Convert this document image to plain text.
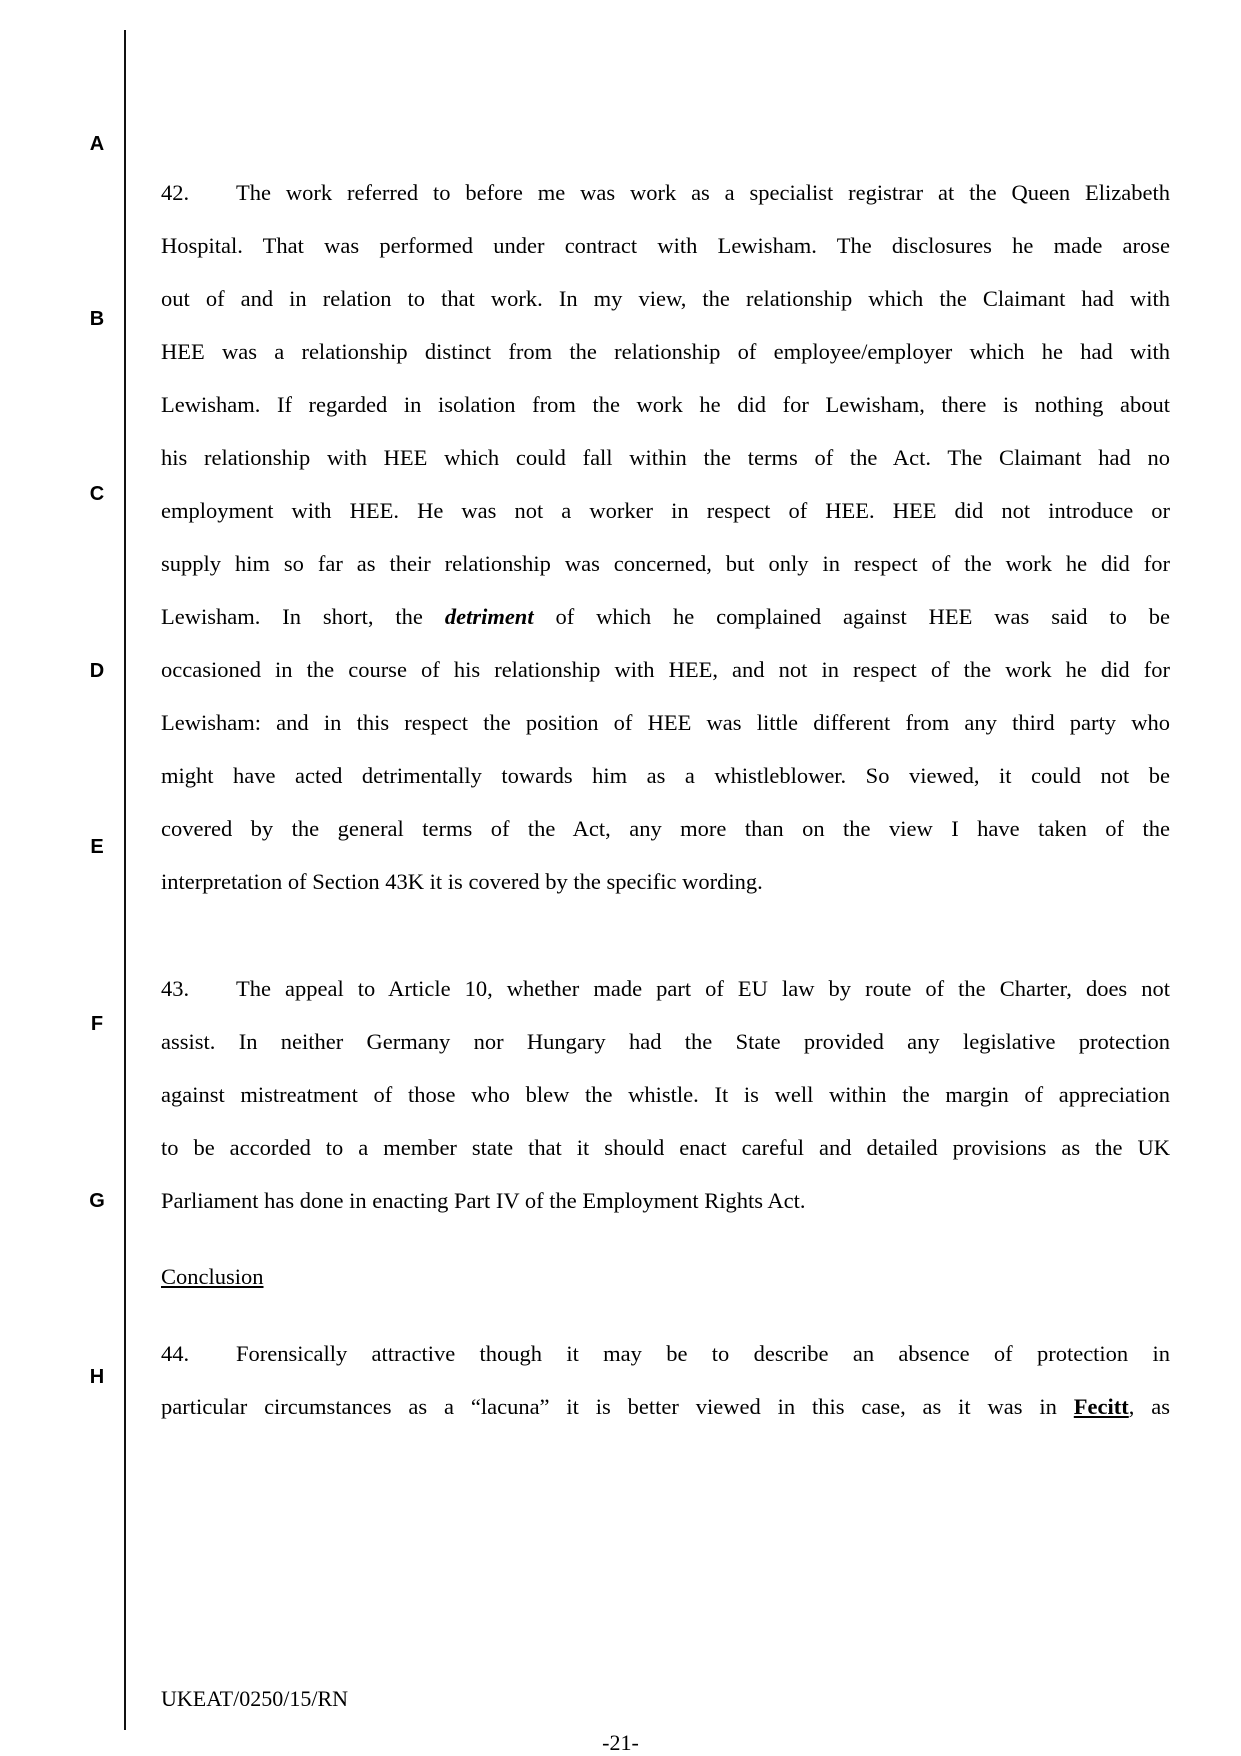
A
B
C
D
E
F
G
H
42. The work referred to before me was work as a specialist registrar at the Queen Elizabeth
Hospital. That was performed under contract with Lewisham. The disclosures he made arose
out of and in relation to that work. In my view, the relationship which the Claimant had with
HEE was a relationship distinct from the relationship of employee/employer which he had with
Lewisham. If regarded in isolation from the work he did for Lewisham, there is nothing about
his relationship with HEE which could fall within the terms of the Act. The Claimant had no
employment with HEE. He was not a worker in respect of HEE. HEE did not introduce or
supply him so far as their relationship was concerned, but only in respect of the work he did for
Lewisham. In short, the detriment of which he complained against HEE was said to be
occasioned in the course of his relationship with HEE, and not in respect of the work he did for
Lewisham: and in this respect the position of HEE was little different from any third party who
might have acted detrimentally towards him as a whistleblower. So viewed, it could not be
covered by the general terms of the Act, any more than on the view I have taken of the
interpretation of Section 43K it is covered by the specific wording.
43. The appeal to Article 10, whether made part of EU law by route of the Charter, does not
assist. In neither Germany nor Hungary had the State provided any legislative protection
against mistreatment of those who blew the whistle. It is well within the margin of appreciation
to be accorded to a member state that it should enact careful and detailed provisions as the UK
Parliament has done in enacting Part IV of the Employment Rights Act.
Conclusion
44. Forensically attractive though it may be to describe an absence of protection in
particular circumstances as a “lacuna” it is better viewed in this case, as it was in Fecitt, as
UKEAT/0250/15/RN
-21-
